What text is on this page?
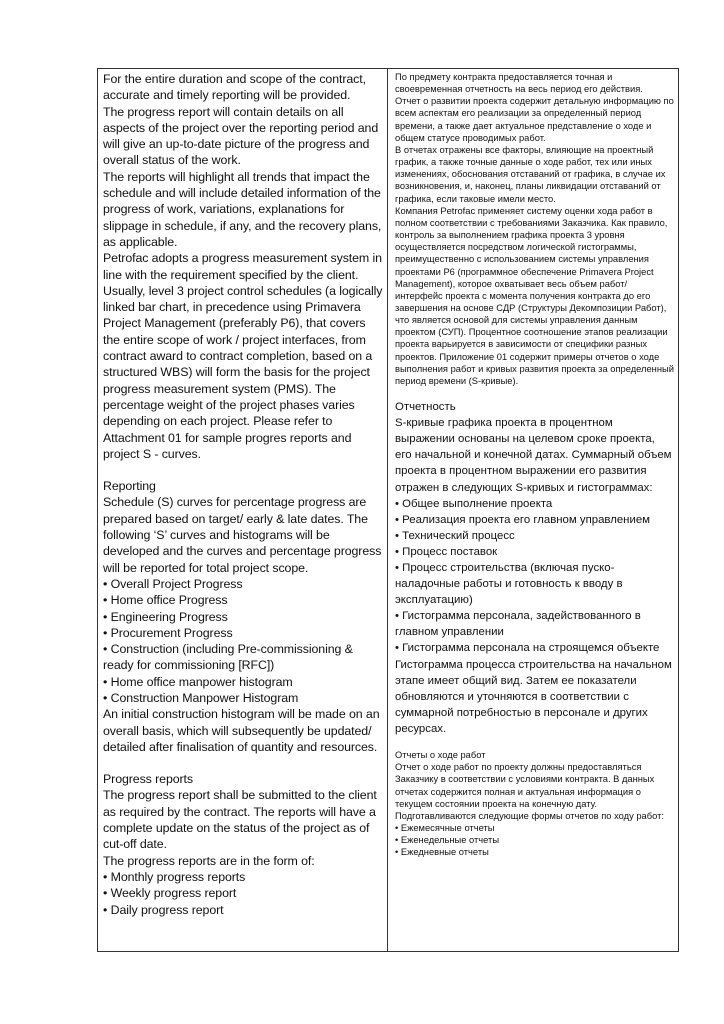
For the entire duration and scope of the contract, accurate and timely reporting will be provided.

The progress report will contain details on all aspects of the project over the reporting period and will give an up-to-date picture of the progress and overall status of the work.

The reports will highlight all trends that impact the schedule and will include detailed information of the progress of work, variations, explanations for slippage in schedule, if any, and the recovery plans, as applicable.

Petrofac adopts a progress measurement system in line with the requirement specified by the client. Usually, level 3 project control schedules (a logically linked bar chart, in precedence using Primavera Project Management (preferably P6), that covers the entire scope of work / project interfaces, from contract award to contract completion, based on a structured WBS) will form the basis for the project progress measurement system (PMS). The percentage weight of the project phases varies depending on each project. Please refer to Attachment 01 for sample progres reports and project S - curves.

Reporting

Schedule (S) curves for percentage progress are prepared based on target/ early & late dates. The following ‘S’ curves and histograms will be developed and the curves and percentage progress will be reported for total project scope.

• Overall Project Progress
• Home office Progress
• Engineering Progress
• Procurement Progress
• Construction (including Pre-commissioning & ready for commissioning [RFC])
• Home office manpower histogram
• Construction Manpower Histogram

An initial construction histogram will be made on an overall basis, which will subsequently be updated/ detailed after finalisation of quantity and resources.

Progress reports

The progress report shall be submitted to the client as required by the contract. The reports will have a complete update on the status of the project as of cut-off date.

The progress reports are in the form of:

• Monthly progress reports
• Weekly progress report
• Daily progress report

По предмету контракта предоставляется точная и своевременная отчетность на весь период его действия.

Отчет о развитии проекта содержит детальную информацию по всем аспектам его реализации за определенный период времени, а также дает актуальное представление о ходе и общем статусе проводимых работ.

В отчетах отражены все факторы, влияющие на проектный график, а также точные данные о ходе работ, тех или иных изменениях, обоснования отставаний от графика, в случае их возникновения, и, наконец, планы ликвидации отставаний от графика, если таковые имели место.

Компания Petrofac применяет систему оценки хода работ в полном соответствии с требованиями Заказчика. Как правило, контроль за выполнением графика проекта 3 уровня осуществляется посредством логической гистограммы, преимущественно с использованием системы управления проектами P6 (программное обеспечение Primavera Project Management), которое охватывает весь объем работ/ интерфейс проекта с момента получения контракта до его завершения на основе СДР (Структуры Декомпозиции Работ), что является основой для системы управления данным проектом (СУП). Процентное соотношение этапов реализации проекта варьируется в зависимости от специфики разных проектов. Приложение 01 содержит примеры отчетов о ходе выполнения работ и кривых развития проекта за определенный период времени (S-кривые).

Отчетность

S-кривые графика проекта в процентном выражении основаны на целевом сроке проекта, его начальной и конечной датах. Суммарный объем проекта в процентном выражении его развития отражен в следующих S-кривых и гистограммах:

• Общее выполнение проекта
• Реализация проекта его главном управлением
• Технический процесс
• Процесс поставок
• Процесс строительства (включая пуско-наладочные работы и готовность к вводу в эксплуатацию)
• Гистограмма персонала, задействованного в главном управлении
• Гистограмма персонала на строящемся объекте

Гистограмма процесса строительства на начальном этапе имеет общий вид. Затем ее показатели обновляются и уточняются в соответствии с суммарной потребностью в персонале и других ресурсах.

Отчеты о ходе работ

Отчет о ходе работ по проекту должны предоставляться Заказчику в соответствии с условиями контракта. В данных отчетах содержится полная и актуальная информация о текущем состоянии проекта на конечную дату.

Подготавливаются следующие формы отчетов по ходу работ:

• Ежемесячные отчеты
• Еженедельные отчеты
• Ежедневные отчеты
